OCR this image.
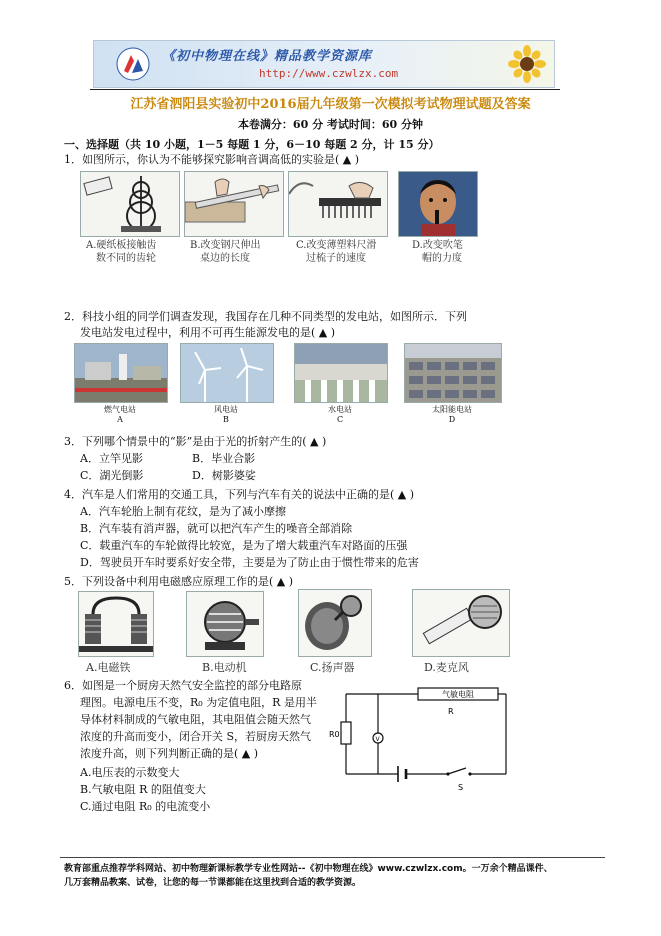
《初中物理在线》精品教学资源库
http://www.czwlzx.com
江苏省泗阳县实验初中2016届九年级第一次模拟考试物理试题及答案
本卷满分：60 分 考试时间：60 分钟
一、选择题（共 10 小题，1－5 每题 1 分，6－10 每题 2 分，计 15 分）
1．如图所示，你认为不能够探究影响音调高低的实验是( ▲ )
A.硬纸板接触齿
数不同的齿轮
B.改变钢尺伸出
桌边的长度
C.改变薄塑料尺滑
过梳子的速度
D.改变吹笔
帽的力度
2．科技小组的同学们调查发现，我国存在几种不同类型的发电站，如图所示．下列
发电站发电过程中，利用不可再生能源发电的是( ▲ )
燃气电站
A
风电站
B
水电站
C
太阳能电站
D
3．下列哪个情景中的“影”是由于光的折射产生的( ▲ )
A．立竿见影	B．毕业合影
C．湖光倒影	D．树影婆娑
4．汽车是人们常用的交通工具，下列与汽车有关的说法中正确的是( ▲ )
A．汽车轮胎上制有花纹，是为了减小摩擦
B．汽车装有消声器，就可以把汽车产生的噪音全部消除
C．载重汽车的车轮做得比较宽，是为了增大载重汽车对路面的压强
D．驾驶员开车时要系好安全带，主要是为了防止由于惯性带来的危害
5．下列设备中利用电磁感应原理工作的是( ▲ )
A.电磁铁	B.电动机	C.扬声器	D.麦克风
6．如图是一个厨房天然气安全监控的部分电路原
理图。电源电压不变，R₀ 为定值电阻，R 是用半
导体材料制成的气敏电阻，其电阻值会随天然气
浓度的升高而变小，闭合开关 S，若厨房天然气
浓度升高，则下列判断正确的是( ▲ )
A.电压表的示数变大
B.气敏电阻 R 的阻值变大
C.通过电阻 R₀ 的电流变小
气敏电阻
R
R0
V
S
教育部重点推荐学科网站、初中物理新课标教学专业性网站--《初中物理在线》www.czwlzx.com。一万余个精品课件、
几万套精品教案、试卷，让您的每一节课都能在这里找到合适的教学资源。
